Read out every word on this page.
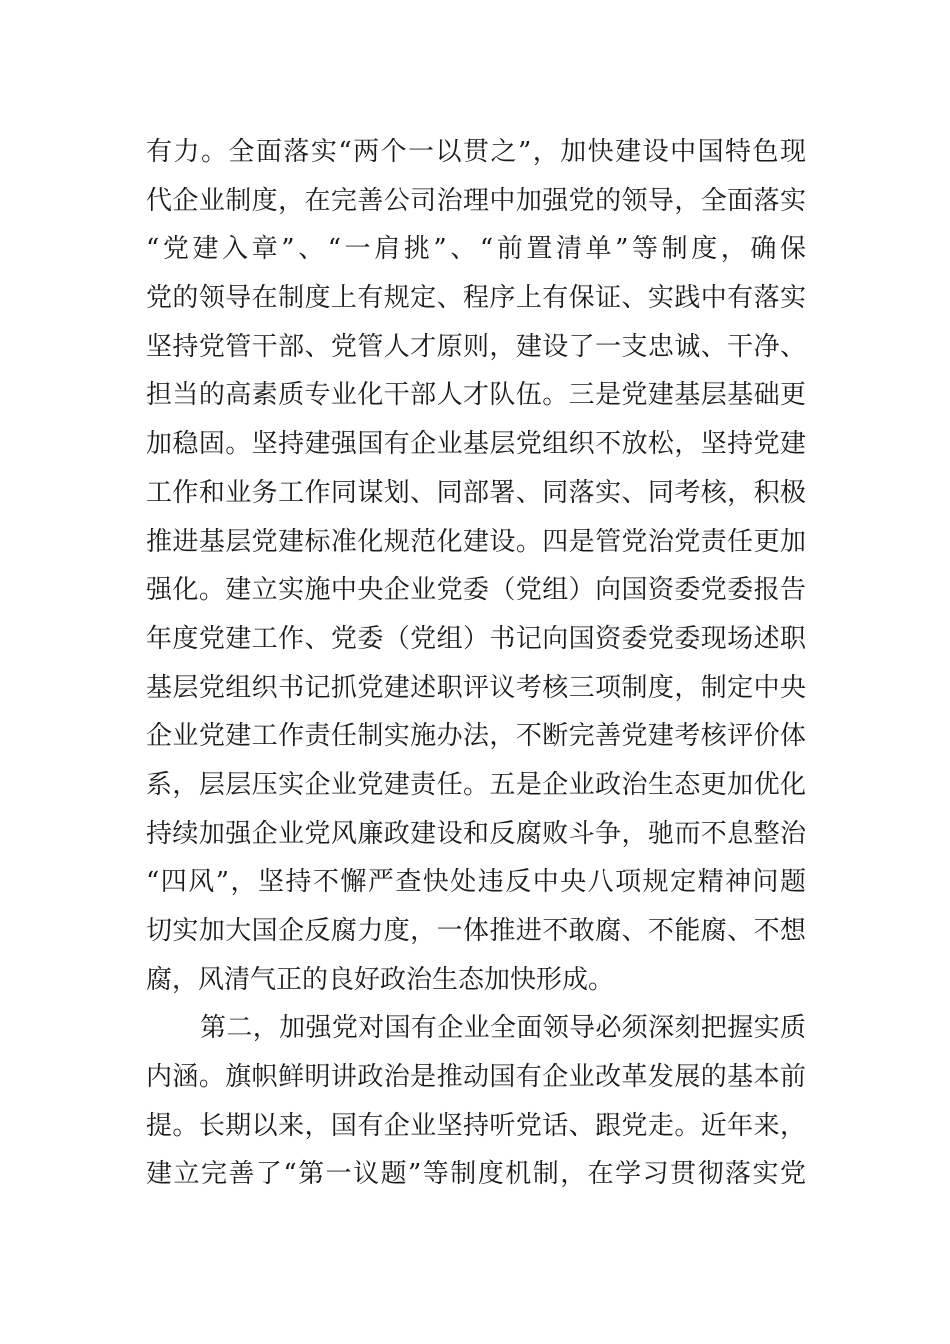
有力。全面落实“两个一以贯之”，加快建设中国特色现
代企业制度，在完善公司治理中加强党的领导，全面落实
“党建入章”、“一肩挑”、“前置清单”等制度，确保
党的领导在制度上有规定、程序上有保证、实践中有落实
坚持党管干部、党管人才原则，建设了一支忠诚、干净、
担当的高素质专业化干部人才队伍。三是党建基层基础更
加稳固。坚持建强国有企业基层党组织不放松，坚持党建
工作和业务工作同谋划、同部署、同落实、同考核，积极
推进基层党建标准化规范化建设。四是管党治党责任更加
强化。建立实施中央企业党委（党组）向国资委党委报告
年度党建工作、党委（党组）书记向国资委党委现场述职
基层党组织书记抓党建述职评议考核三项制度，制定中央
企业党建工作责任制实施办法，不断完善党建考核评价体
系，层层压实企业党建责任。五是企业政治生态更加优化
持续加强企业党风廉政建设和反腐败斗争，驰而不息整治
“四风”，坚持不懈严查快处违反中央八项规定精神问题
切实加大国企反腐力度，一体推进不敢腐、不能腐、不想
腐，风清气正的良好政治生态加快形成。
第二，加强党对国有企业全面领导必须深刻把握实质
内涵。旗帜鲜明讲政治是推动国有企业改革发展的基本前
提。长期以来，国有企业坚持听党话、跟党走。近年来，
建立完善了“第一议题”等制度机制，在学习贯彻落实党
